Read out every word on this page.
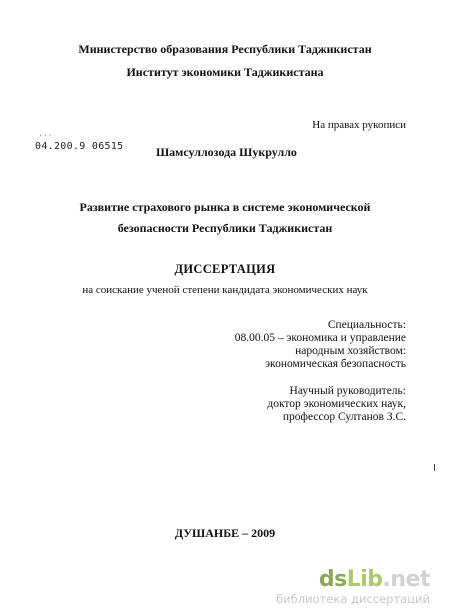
Министерство образования Республики Таджикистан
Институт экономики Таджикистана
На правах рукописи
'''
04.200.9 06515	Шамсуллозода Шукрулло
Развитие страхового рынка в системе экономической
безопасности Республики Таджикистан
ДИССЕРТАЦИЯ
на соискание ученой степени кандидата экономических наук
Специальность:
08.00.05 – экономика и управление
народным хозяйством:
экономическая безопасность
Научный руководитель:
доктор экономических наук,
профессор Султанов З.С.
ДУШАНБЕ – 2009
dsLib.net
библиотека диссертаций
